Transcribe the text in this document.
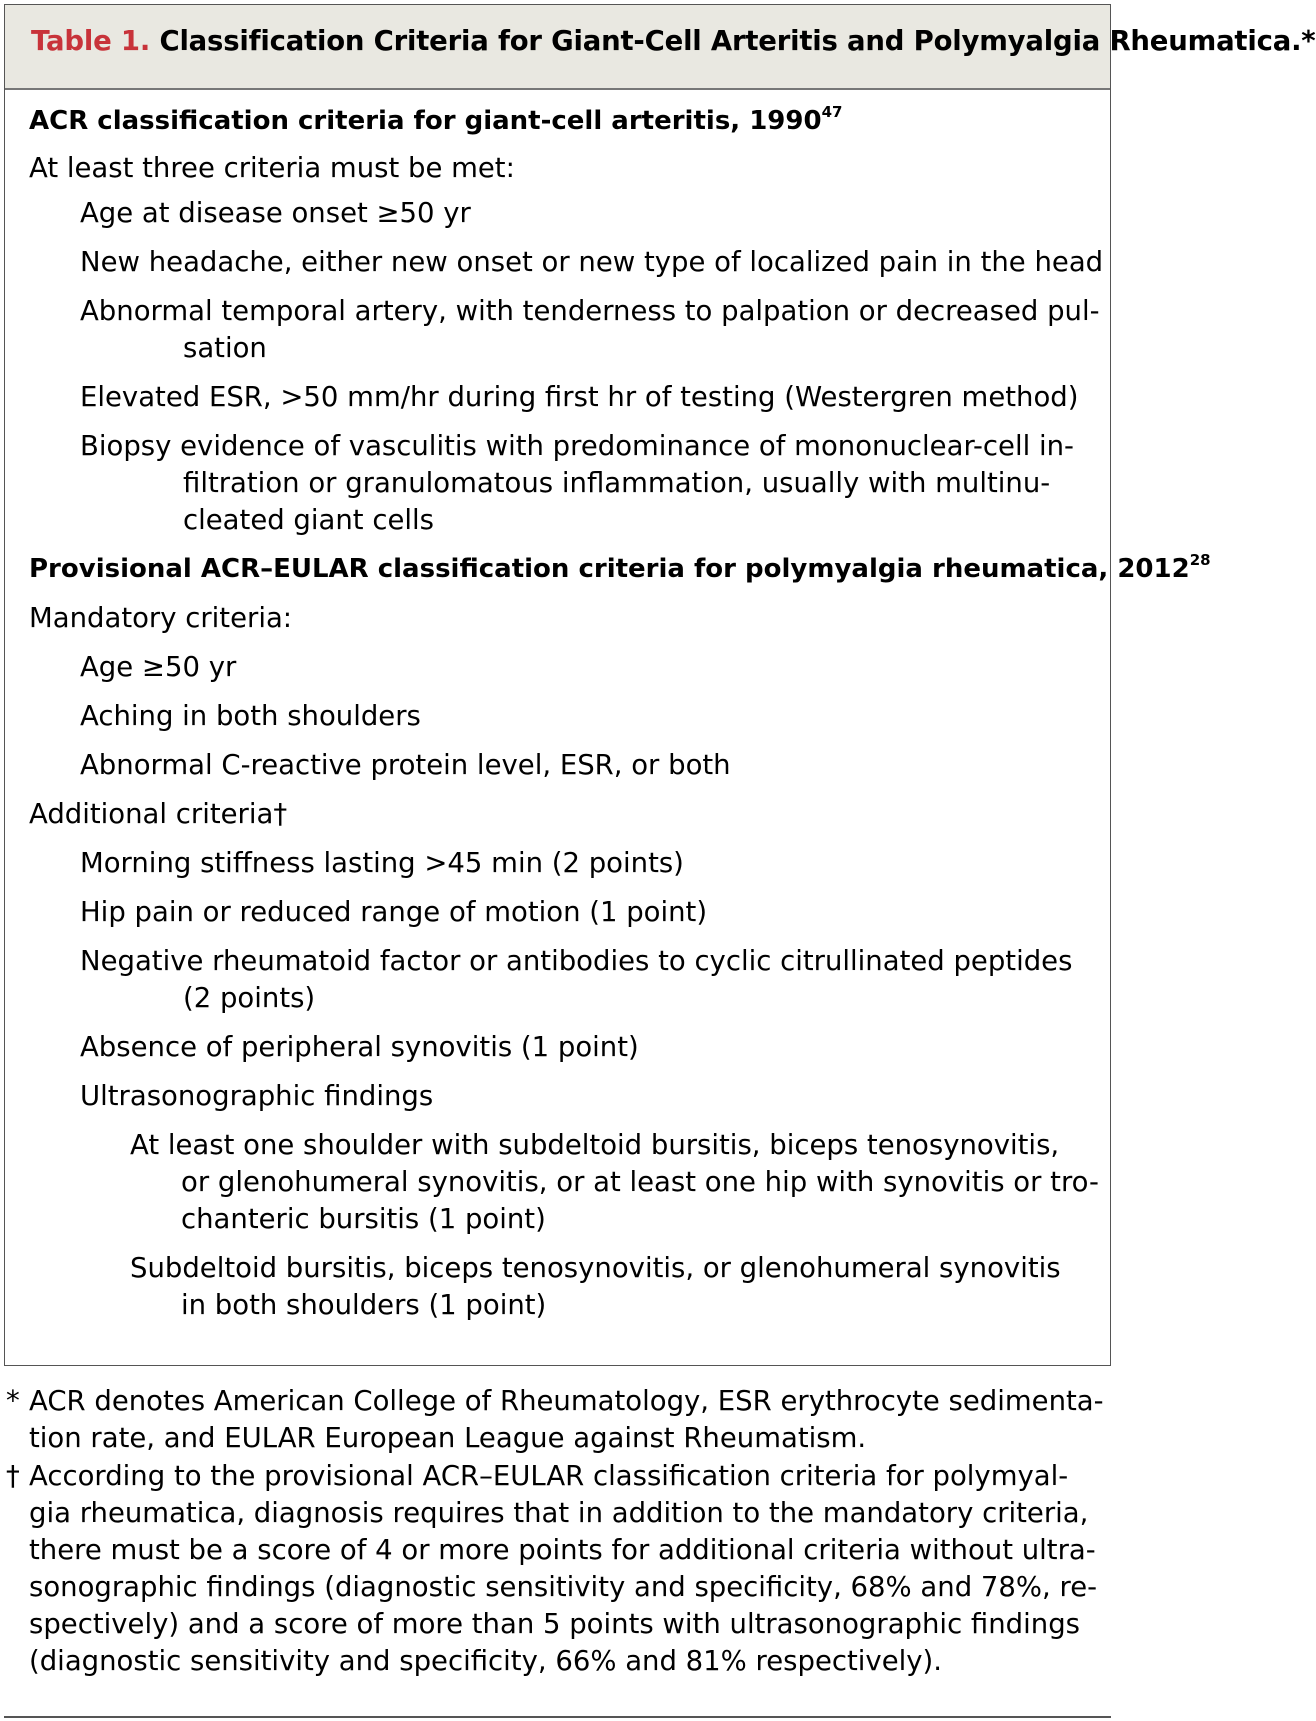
Table 1. Classification Criteria for Giant-Cell Arteritis and Polymyalgia Rheumatica.*
ACR classification criteria for giant-cell arteritis, 1990$^{47}$
At least three criteria must be met:
Age at disease onset ≥50 yr
New headache, either new onset or new type of localized pain in the head
Abnormal temporal artery, with tenderness to palpation or decreased pul-
sation
Elevated ESR, >50 mm/hr during first hr of testing (Westergren method)
Biopsy evidence of vasculitis with predominance of mononuclear-cell in-
filtration or granulomatous inflammation, usually with multinu-
cleated giant cells
Provisional ACR–EULAR classification criteria for polymyalgia rheumatica, 2012$^{28}$
Mandatory criteria:
Age ≥50 yr
Aching in both shoulders
Abnormal C-reactive protein level, ESR, or both
Additional criteria†
Morning stiffness lasting >45 min (2 points)
Hip pain or reduced range of motion (1 point)
Negative rheumatoid factor or antibodies to cyclic citrullinated peptides
(2 points)
Absence of peripheral synovitis (1 point)
Ultrasonographic findings
At least one shoulder with subdeltoid bursitis, biceps tenosynovitis,
or glenohumeral synovitis, or at least one hip with synovitis or tro-
chanteric bursitis (1 point)
Subdeltoid bursitis, biceps tenosynovitis, or glenohumeral synovitis
in both shoulders (1 point)
* ACR denotes American College of Rheumatology, ESR erythrocyte sedimenta-
tion rate, and EULAR European League against Rheumatism.
† According to the provisional ACR–EULAR classification criteria for polymyal-
gia rheumatica, diagnosis requires that in addition to the mandatory criteria,
there must be a score of 4 or more points for additional criteria without ultra-
sonographic findings (diagnostic sensitivity and specificity, 68% and 78%, re-
spectively) and a score of more than 5 points with ultrasonographic findings
(diagnostic sensitivity and specificity, 66% and 81% respectively).
